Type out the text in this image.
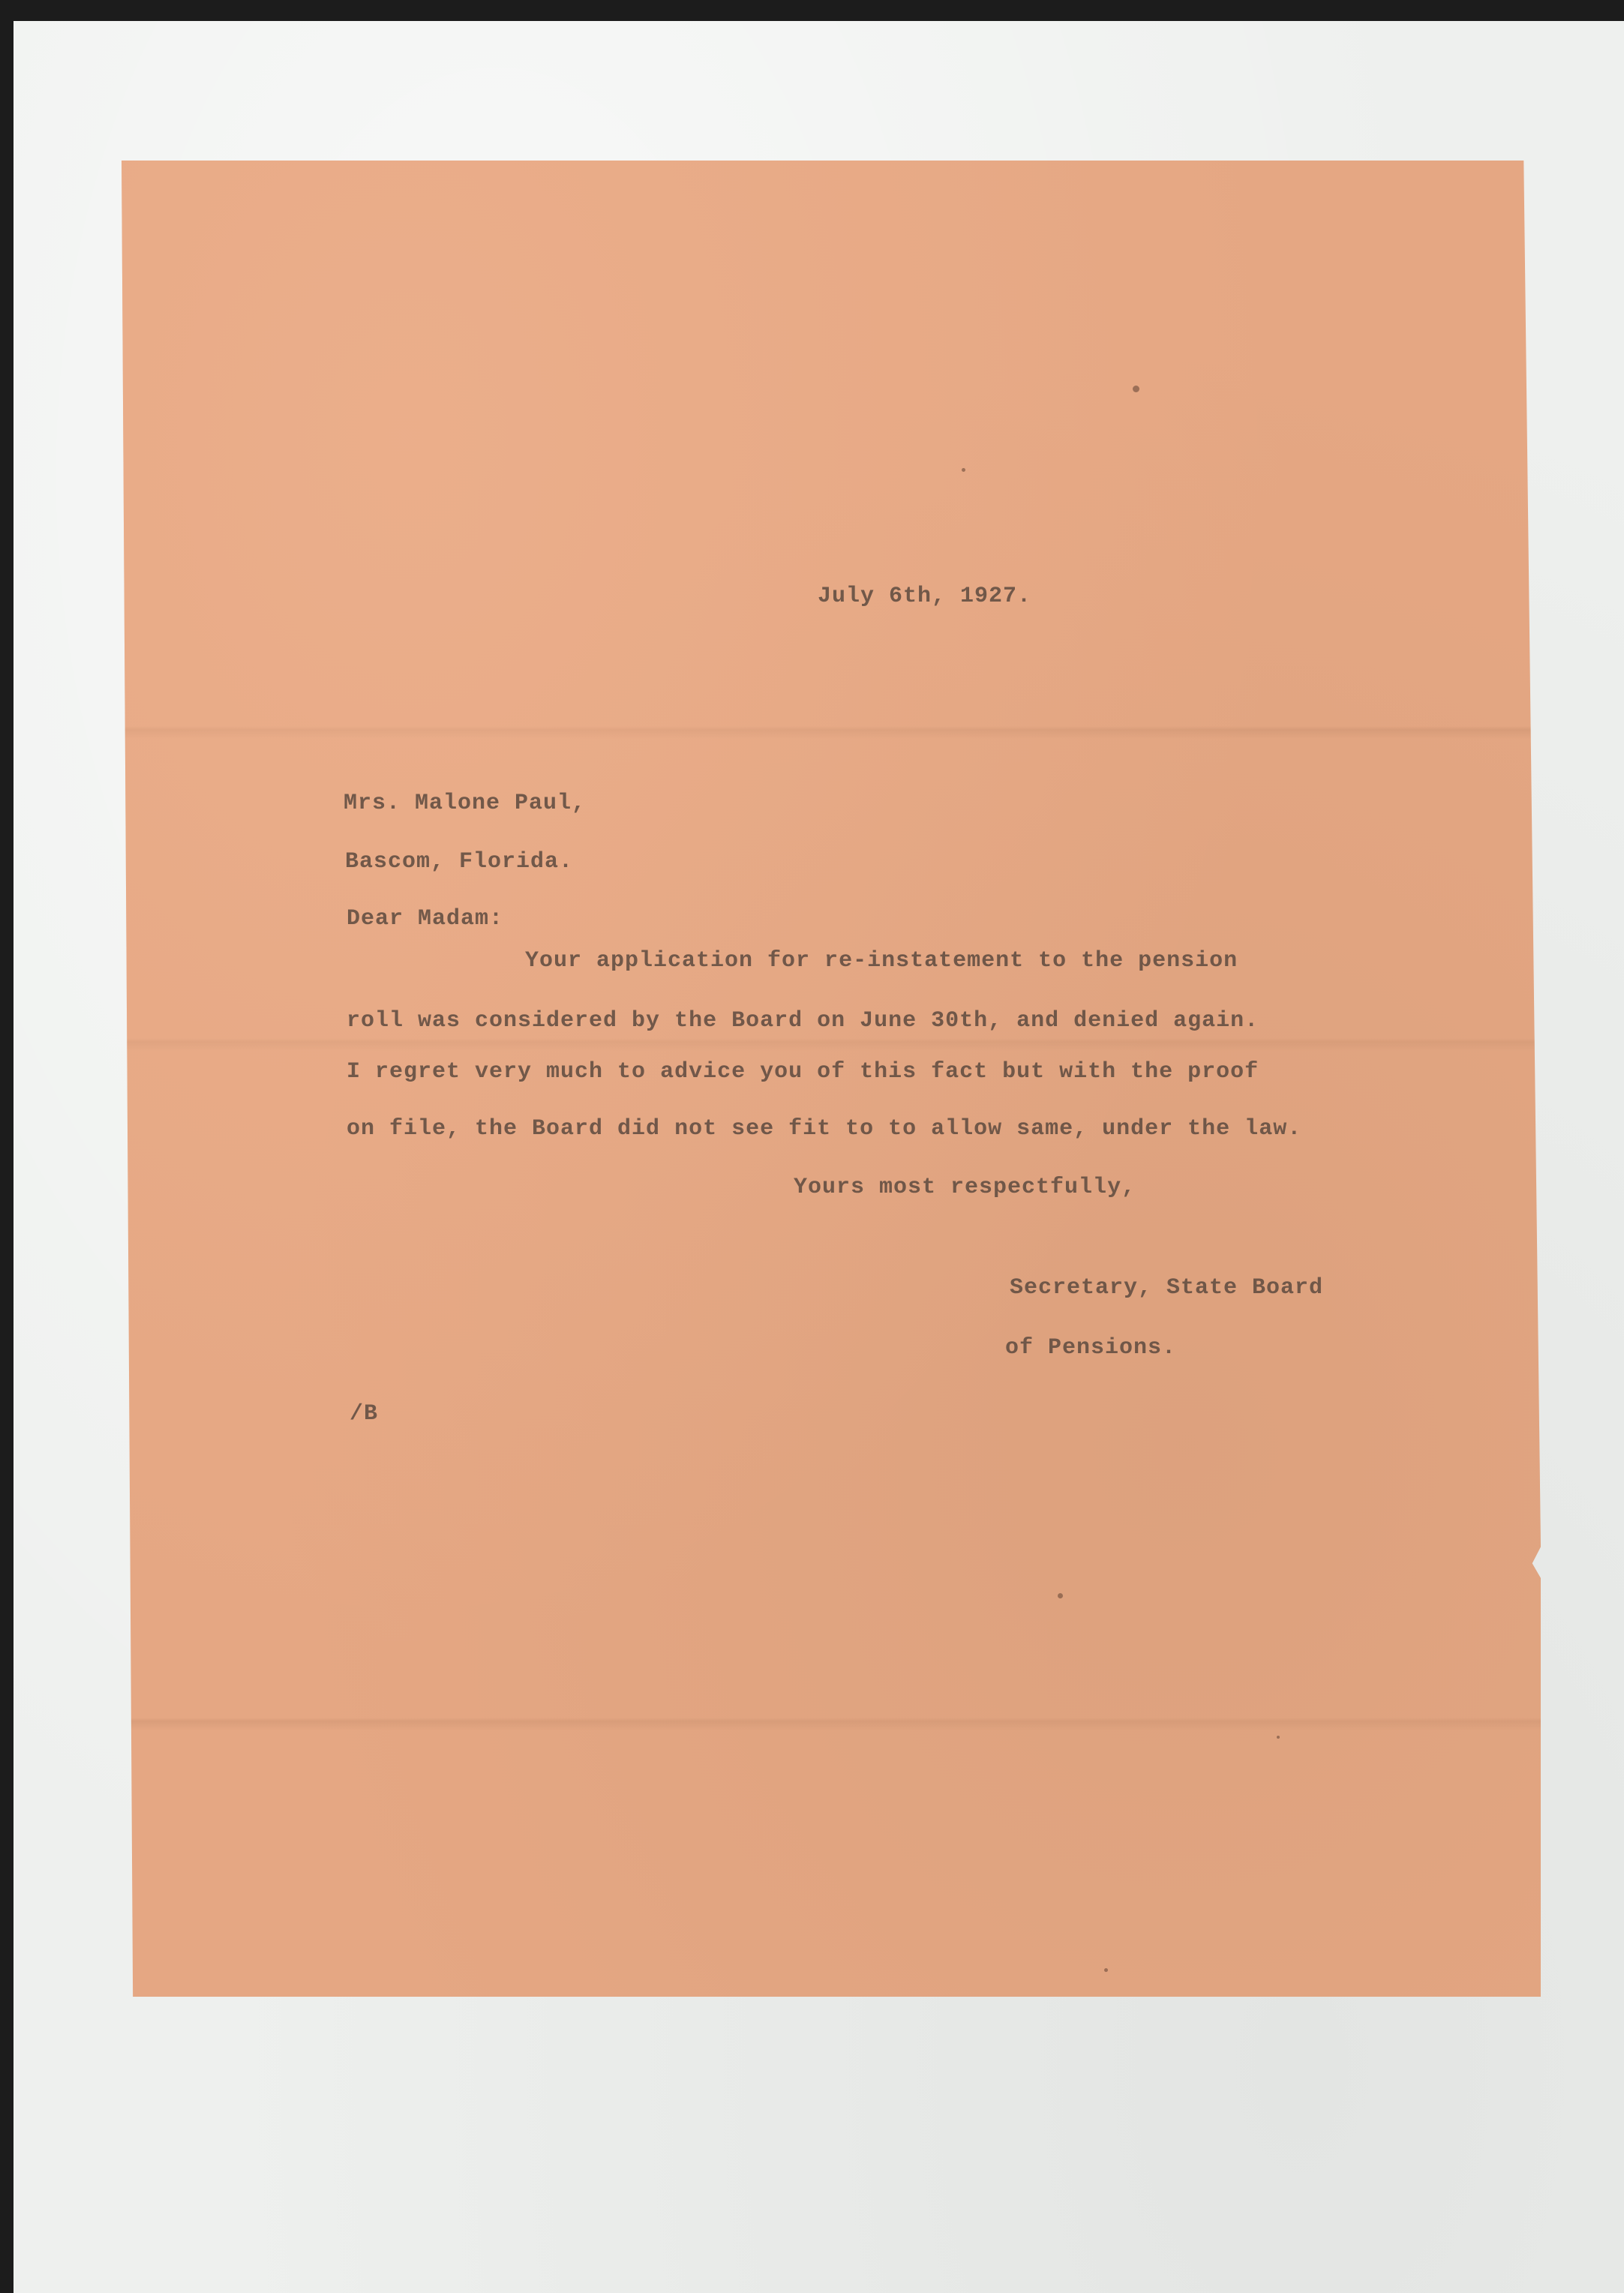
July 6th, 1927.
Mrs. Malone Paul,
Bascom, Florida.
Dear Madam:
Your application for re-instatement to the pension
roll was considered by the Board on June 30th, and denied again.
I regret very much to advice you of this fact but with the proof
on file, the Board did not see fit to to allow same, under the law.
Yours most respectfully,
Secretary, State Board
of Pensions.
/B
